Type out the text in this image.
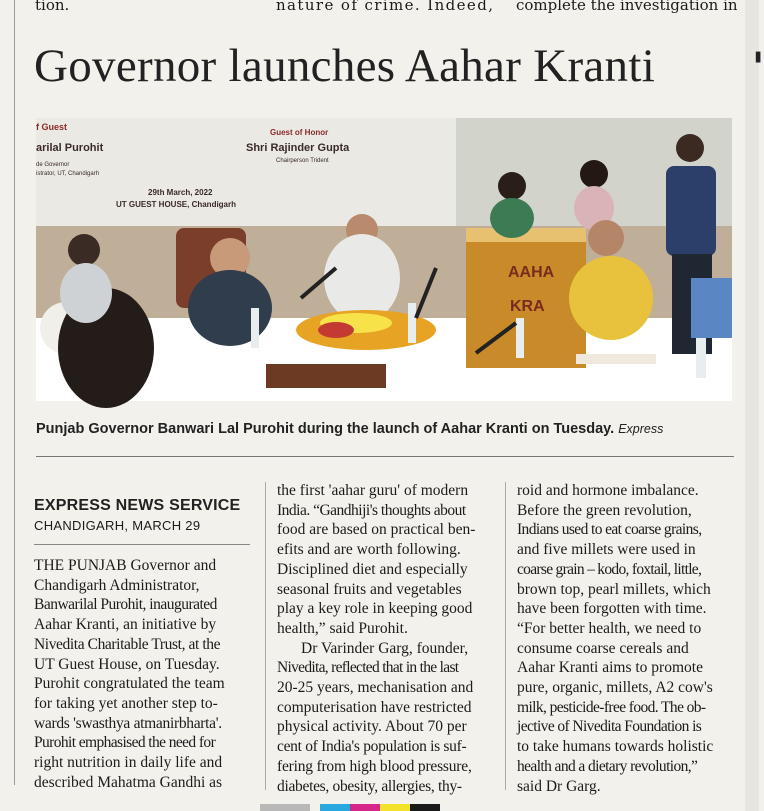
'
tion.	nature of crime. Indeed, complete the investigation in
Governor launches Aahar Kranti
f Guest
arilal Purohit
de Governor
istrator, UT, Chandigarh
Guest of Honor
Shri Rajinder Gupta
Chairperson Trident
29th March, 2022
UT GUEST HOUSE, Chandigarh
AAHA
KRA
Punjab Governor Banwari Lal Purohit during the launch of Aahar Kranti on Tuesday. Express
EXPRESS NEWS SERVICE
CHANDIGARH, MARCH 29
THE PUNJAB Governor and
Chandigarh Administrator,
Banwarilal Purohit, inaugurated
Aahar Kranti, an initiative by
Nivedita Charitable Trust, at the
UT Guest House, on Tuesday.
Purohit congratulated the team
for taking yet another step to-
wards 'swasthya atmanirbharta'.
Purohit emphasised the need for
right nutrition in daily life and
described Mahatma Gandhi as
the first 'aahar guru' of modern
India. “Gandhiji's thoughts about
food are based on practical ben-
efits and are worth following.
Disciplined diet and especially
seasonal fruits and vegetables
play a key role in keeping good
health,” said Purohit.
Dr Varinder Garg, founder,
Nivedita, reflected that in the last
20-25 years, mechanisation and
computerisation have restricted
physical activity. About 70 per
cent of India's population is suf-
fering from high blood pressure,
diabetes, obesity, allergies, thy-
roid and hormone imbalance.
Before the green revolution,
Indians used to eat coarse grains,
and five millets were used in
coarse grain – kodo, foxtail, little,
brown top, pearl millets, which
have been forgotten with time.
“For better health, we need to
consume coarse cereals and
Aahar Kranti aims to promote
pure, organic, millets, A2 cow's
milk, pesticide-free food. The ob-
jective of Nivedita Foundation is
to take humans towards holistic
health and a dietary revolution,”
said Dr Garg.
